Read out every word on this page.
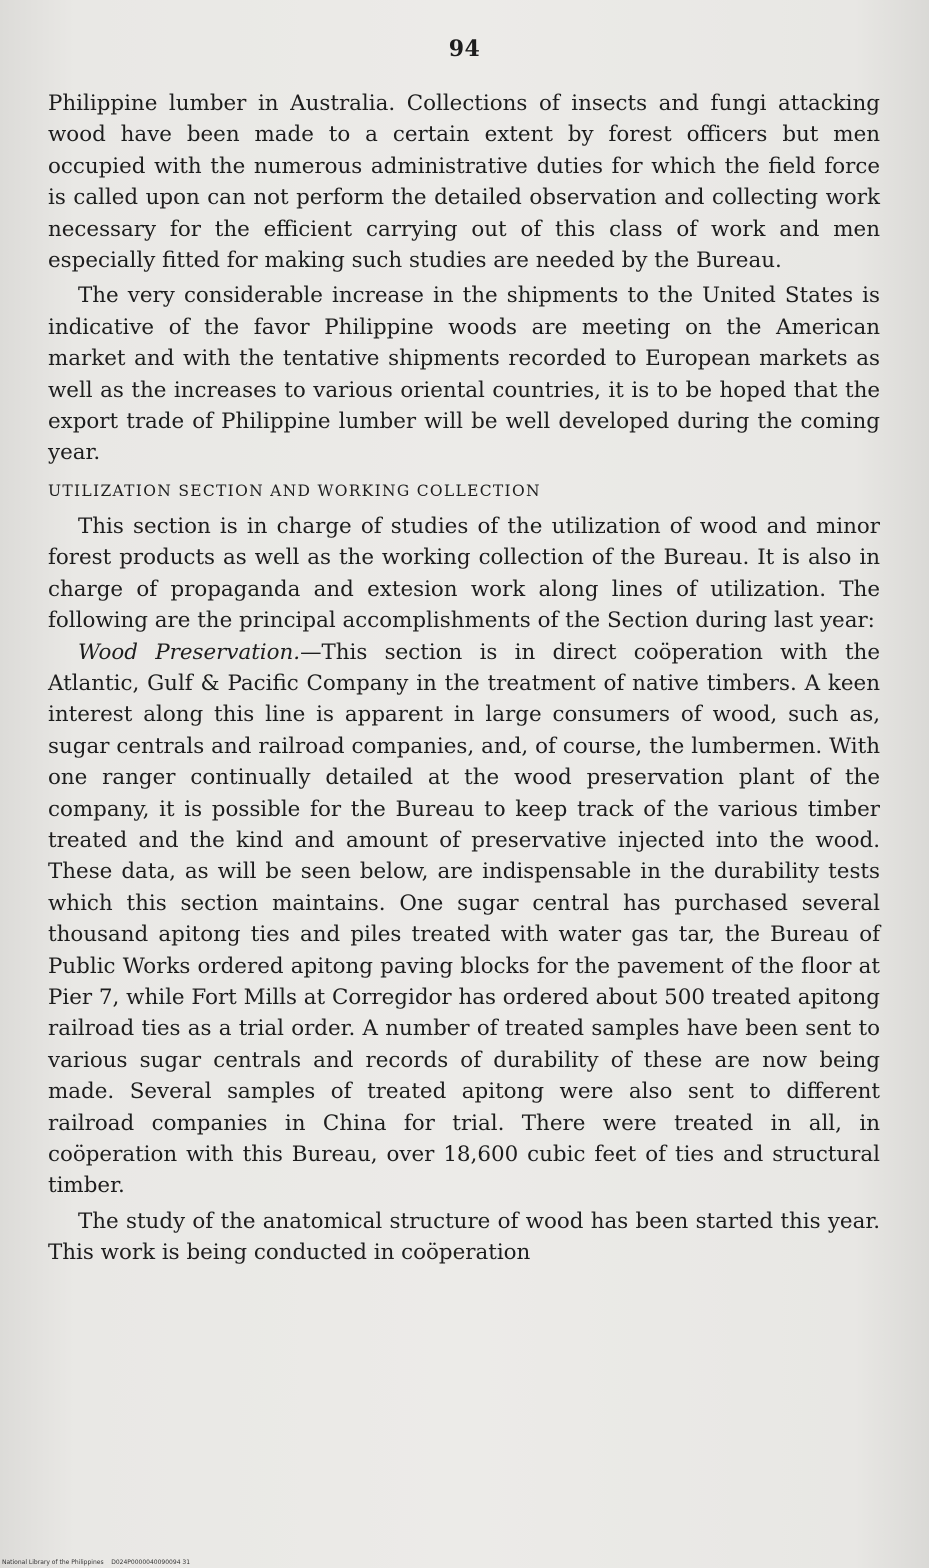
94

Philippine lumber in Australia. Collections of insects and fungi attacking wood have been made to a certain extent by forest officers but men occupied with the numerous administrative duties for which the field force is called upon can not perform the detailed observation and collecting work necessary for the efficient carrying out of this class of work and men especially fitted for making such studies are needed by the Bureau.

The very considerable increase in the shipments to the United States is indicative of the favor Philippine woods are meeting on the American market and with the tentative shipments recorded to European markets as well as the increases to various oriental countries, it is to be hoped that the export trade of Philippine lumber will be well developed during the coming year.

UTILIZATION SECTION AND WORKING COLLECTION

This section is in charge of studies of the utilization of wood and minor forest products as well as the working collection of the Bureau. It is also in charge of propaganda and extesion work along lines of utilization. The following are the principal accomplishments of the Section during last year:

Wood Preservation.—This section is in direct coöperation with the Atlantic, Gulf & Pacific Company in the treatment of native timbers. A keen interest along this line is apparent in large consumers of wood, such as, sugar centrals and railroad companies, and, of course, the lumbermen. With one ranger continually detailed at the wood preservation plant of the company, it is possible for the Bureau to keep track of the various timber treated and the kind and amount of preservative injected into the wood. These data, as will be seen below, are indispensable in the durability tests which this section maintains. One sugar central has purchased several thousand apitong ties and piles treated with water gas tar, the Bureau of Public Works ordered apitong paving blocks for the pavement of the floor at Pier 7, while Fort Mills at Corregidor has ordered about 500 treated apitong railroad ties as a trial order. A number of treated samples have been sent to various sugar centrals and records of durability of these are now being made. Several samples of treated apitong were also sent to different railroad companies in China for trial. There were treated in all, in coöperation with this Bureau, over 18,600 cubic feet of ties and structural timber.

The study of the anatomical structure of wood has been started this year. This work is being conducted in coöperation

National Library of the Philippines    D024P0000040090094 31
